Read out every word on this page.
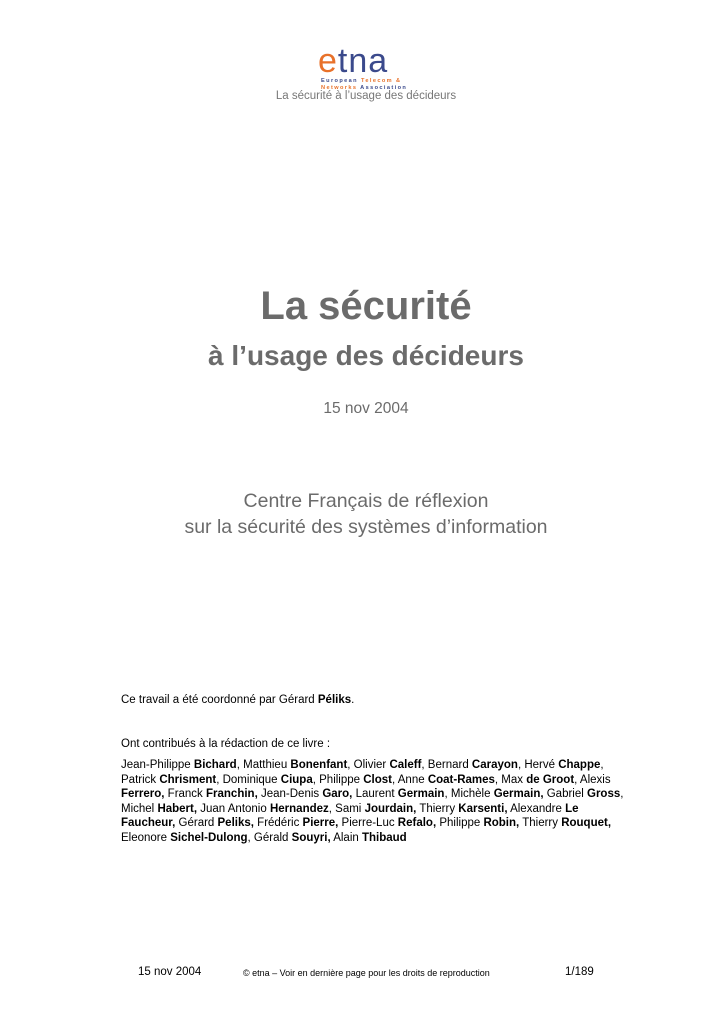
etna
European Telecom &
Networks Association
La sécurité à l’usage des décideurs
La sécurité
à l’usage des décideurs
15 nov 2004
Centre Français de réflexion
sur la sécurité des systèmes d’information
Ce travail a été coordonné par Gérard Péliks.
Ont contribués à la rédaction de ce livre :
Jean-Philippe Bichard, Matthieu Bonenfant, Olivier Caleff, Bernard Carayon, Hervé Chappe,
Patrick Chrisment, Dominique Ciupa, Philippe Clost, Anne Coat-Rames, Max de Groot, Alexis
Ferrero, Franck Franchin, Jean-Denis Garo, Laurent Germain, Michèle Germain, Gabriel Gross,
Michel Habert, Juan Antonio Hernandez, Sami Jourdain, Thierry Karsenti, Alexandre Le
Faucheur, Gérard Peliks, Frédéric Pierre, Pierre-Luc Refalo, Philippe Robin, Thierry Rouquet,
Eleonore Sichel-Dulong, Gérald Souyri, Alain Thibaud
15 nov 2004	© etna – Voir en dernière page pour les droits de reproduction	1/189
